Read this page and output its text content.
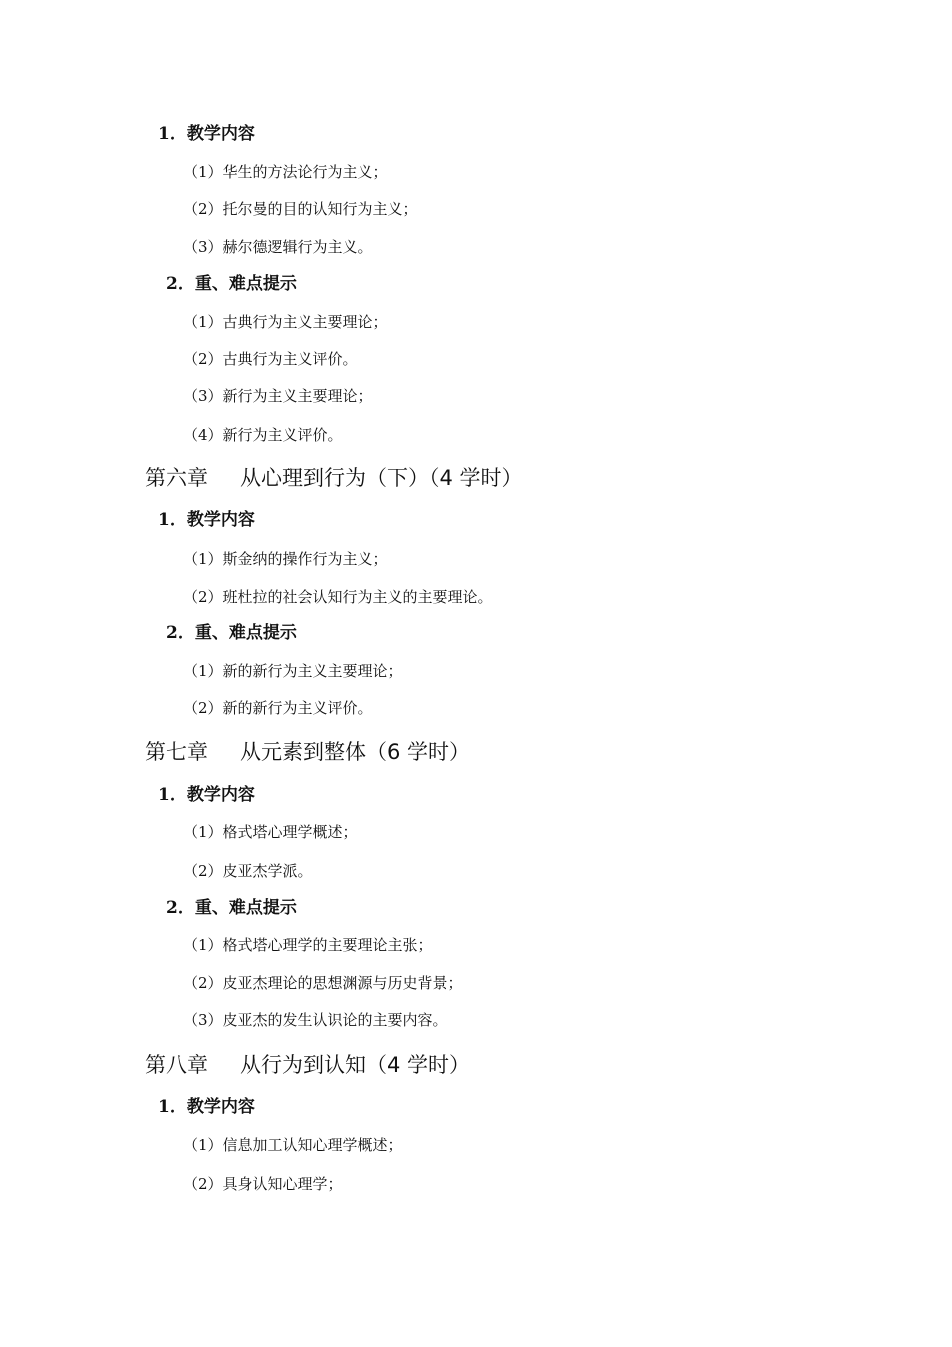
1．教学内容
（1）华生的方法论行为主义；
（2）托尔曼的目的认知行为主义；
（3）赫尔德逻辑行为主义。
2．重、难点提示
（1）古典行为主义主要理论；
（2）古典行为主义评价。
（3）新行为主义主要理论；
（4）新行为主义评价。
第六章 从心理到行为（下）（4 学时）
1．教学内容
（1）斯金纳的操作行为主义；
（2）班杜拉的社会认知行为主义的主要理论。
2．重、难点提示
（1）新的新行为主义主要理论；
（2）新的新行为主义评价。
第七章 从元素到整体（6 学时）
1．教学内容
（1）格式塔心理学概述；
（2）皮亚杰学派。
2．重、难点提示
（1）格式塔心理学的主要理论主张；
（2）皮亚杰理论的思想渊源与历史背景；
（3）皮亚杰的发生认识论的主要内容。
第八章 从行为到认知（4 学时）
1．教学内容
（1）信息加工认知心理学概述；
（2）具身认知心理学；
